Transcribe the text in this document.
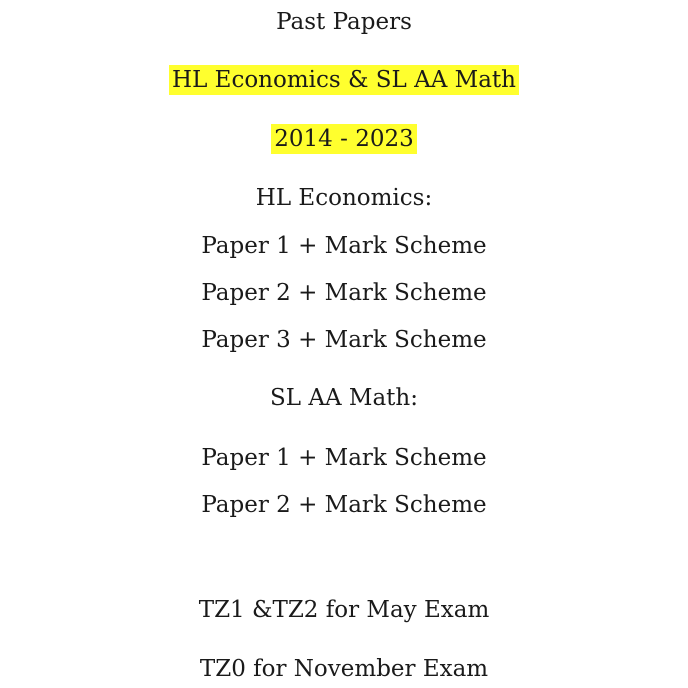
Past Papers
HL Economics & SL AA Math
2014 - 2023
HL Economics:
Paper 1 + Mark Scheme
Paper 2 + Mark Scheme
Paper 3 + Mark Scheme
SL AA Math:
Paper 1 + Mark Scheme
Paper 2 + Mark Scheme
TZ1 &TZ2 for May Exam
TZ0 for November Exam
